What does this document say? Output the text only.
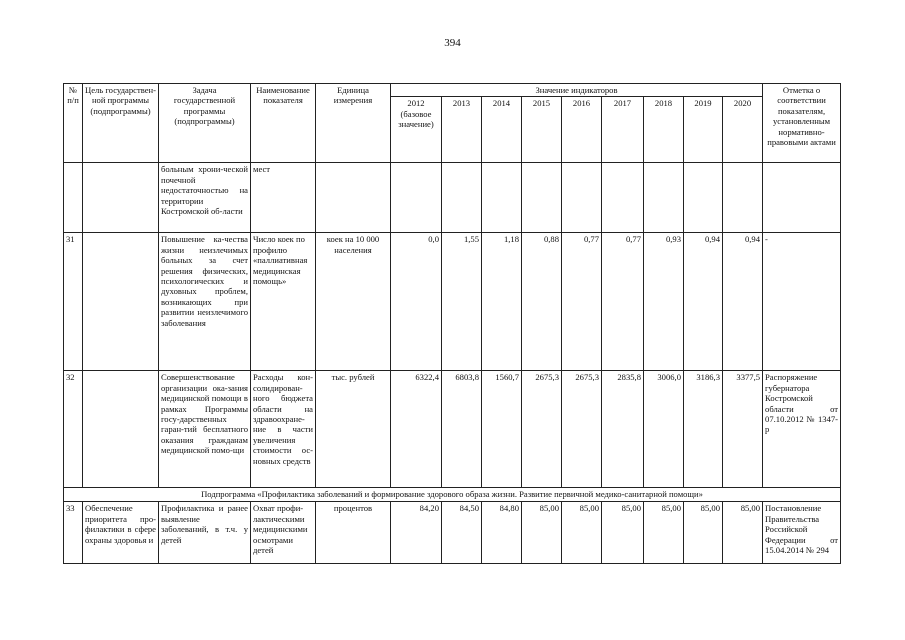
394
№ п/п	Цель государствен-ной программы (подпрограммы)	Задача государственной программы (подпрограммы)	Наименование показателя	Единица измерения	Значение индикаторов									Отметка о соответствии показателям, установленным нормативно-правовыми актами
					2012 (базовое значение)	2013	2014	2015	2016	2017	2018	2019	2020	
		больным хрони-ческой почечной недостаточностью на территории Костромской об-ласти	мест											
31		Повышение ка-чества жизни неизлечимых больных за счет решения физических, психологических и духовных проблем, возникающих при развитии неизлечимого заболевания	Число коек по профилю «паллиативная медицинская помощь»	коек на 10 000 населения	0,0	1,55	1,18	0,88	0,77	0,77	0,93	0,94	0,94	-
32		Совершенствование организации ока-зания медицинской помощи в рамках Программы госу-дарственных гаран-тий бесплатного оказания гражданам медицинской помо-щи	Расходы кон-солидирован-ного бюджета области на здравоохране-ние в части увеличения стоимости ос-новных средств	тыс. рублей	6322,4	6803,8	1560,7	2675,3	2675,3	2835,8	3006,0	3186,3	3377,5	Распоряжение губернатора Костромской области от 07.10.2012 № 1347-р
Подпрограмма «Профилактика заболеваний и формирование здорового образа жизни. Развитие первичной медико-санитарной помощи»														
33	Обеспечение приоритета про-филактики в сфере охраны здоровья и	Профилактика и ранее выявление заболеваний, в т.ч. у детей	Охват профи-лактическими медицинскими осмотрами детей	процентов	84,20	84,50	84,80	85,00	85,00	85,00	85,00	85,00	85,00	Постановление Правительства Российской Федерации от 15.04.2014 № 294
